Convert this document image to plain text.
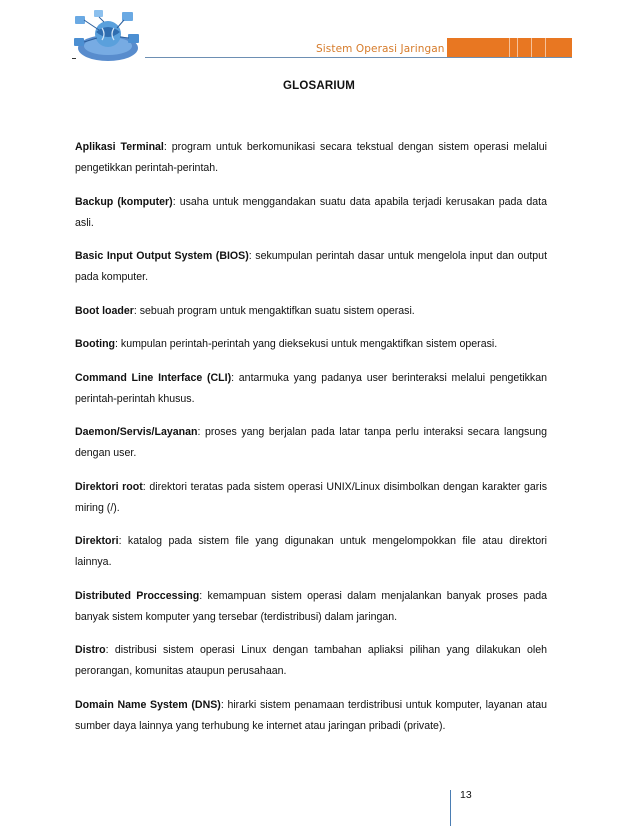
Sistem Operasi Jaringan
GLOSARIUM

Aplikasi Terminal: program untuk berkomunikasi secara tekstual dengan sistem operasi melalui pengetikkan perintah-perintah.

Backup (komputer): usaha untuk menggandakan suatu data apabila terjadi kerusakan pada data asli.

Basic Input Output System (BIOS): sekumpulan perintah dasar untuk mengelola input dan output pada komputer.

Boot loader: sebuah program untuk mengaktifkan suatu sistem operasi.

Booting: kumpulan perintah-perintah yang dieksekusi untuk mengaktifkan sistem operasi.

Command Line Interface (CLI): antarmuka yang padanya user berinteraksi melalui pengetikkan perintah-perintah khusus.

Daemon/Servis/Layanan: proses yang berjalan pada latar tanpa perlu interaksi secara langsung dengan user.

Direktori root: direktori teratas pada sistem operasi UNIX/Linux disimbolkan dengan karakter garis miring (/).

Direktori: katalog pada sistem file yang digunakan untuk mengelompokkan file atau direktori lainnya.

Distributed Proccessing: kemampuan sistem operasi dalam menjalankan banyak proses pada banyak sistem komputer yang tersebar (terdistribusi) dalam jaringan.

Distro: distribusi sistem operasi Linux dengan tambahan apliaksi pilihan yang dilakukan oleh perorangan, komunitas ataupun perusahaan.

Domain Name System (DNS): hirarki sistem penamaan terdistribusi untuk komputer, layanan atau sumber daya lainnya yang terhubung ke internet atau jaringan pribadi (private).

13
